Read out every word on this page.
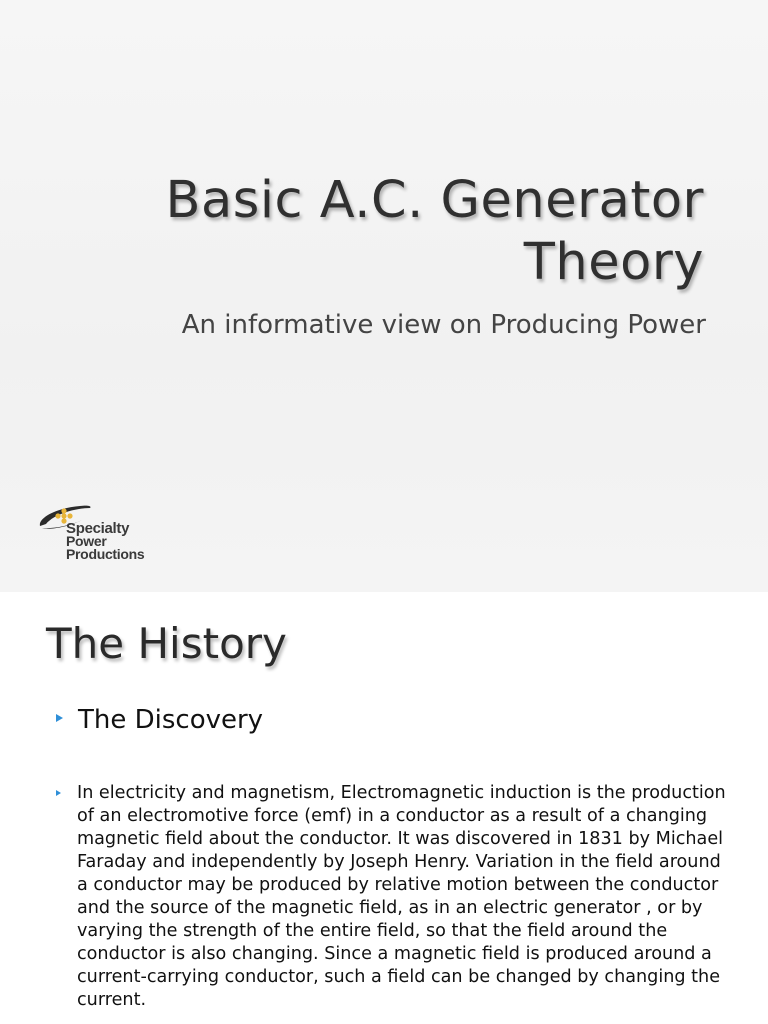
Basic A.C. Generator
Theory
An informative view on Producing Power
Specialty
Power
Productions
The History
The Discovery
In electricity and magnetism, Electromagnetic induction is the production of an electromotive force (emf) in a conductor as a result of a changing magnetic field about the conductor. It was discovered in 1831 by Michael Faraday and independently by Joseph Henry. Variation in the field around a conductor may be produced by relative motion between the conductor and the source of the magnetic field, as in an electric generator , or by varying the strength of the entire field, so that the field around the conductor is also changing. Since a magnetic field is produced around a current-carrying conductor, such a field can be changed by changing the current.
